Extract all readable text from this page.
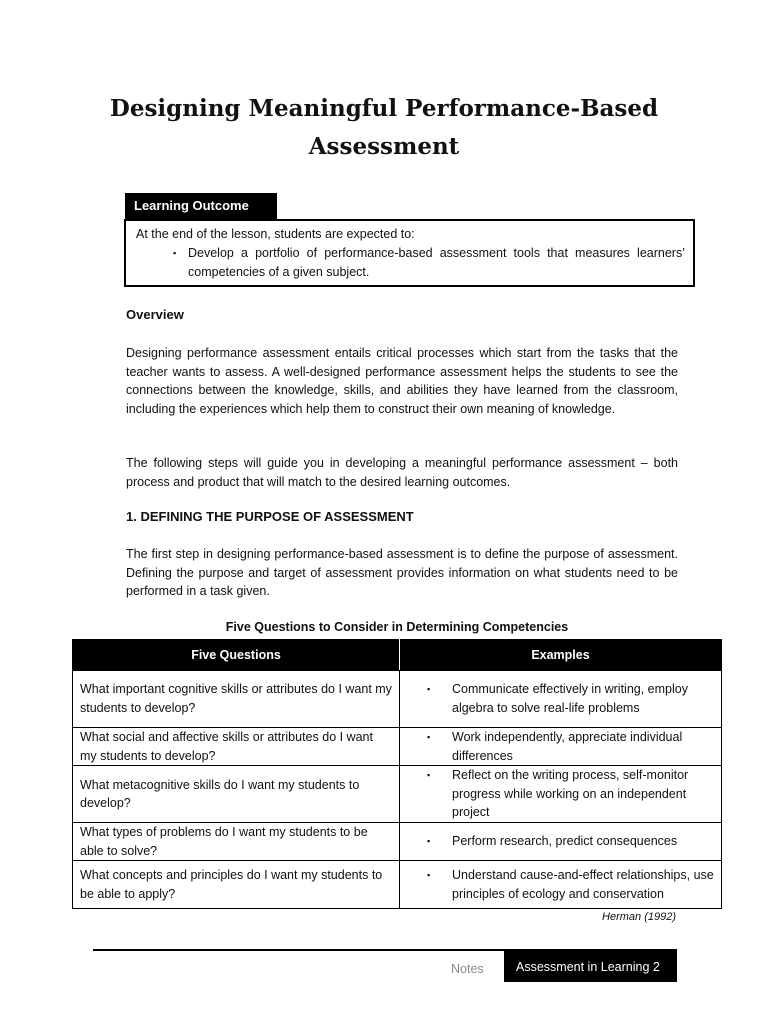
Designing Meaningful Performance-Based
Assessment
Learning Outcome
At the end of the lesson, students are expected to:
▪ Develop a portfolio of performance-based assessment tools that measures learners’ competencies of a given subject.
Overview
Designing performance assessment entails critical processes which start from the tasks that the teacher wants to assess. A well-designed performance assessment helps the students to see the connections between the knowledge, skills, and abilities they have learned from the classroom, including the experiences which help them to construct their own meaning of knowledge.
The following steps will guide you in developing a meaningful performance assessment – both process and product that will match to the desired learning outcomes.
1. DEFINING THE PURPOSE OF ASSESSMENT
The first step in designing performance-based assessment is to define the purpose of assessment. Defining the purpose and target of assessment provides information on what students need to be performed in a task given.
Five Questions to Consider in Determining Competencies
Five Questions	Examples
What important cognitive skills or attributes do I want my students to develop?	▪ Communicate effectively in writing, employ algebra to solve real-life problems

What social and affective skills or attributes do I want my students to develop?	▪ Work independently, appreciate individual differences

What metacognitive skills do I want my students to develop?	▪ Reflect on the writing process, self-monitor progress while working on an independent project

What types of problems do I want my students to be able to solve?	▪ Perform research, predict consequences

What concepts and principles do I want my students to be able to apply?	▪ Understand cause-and-effect relationships, use principles of ecology and conservation
Herman (1992)
Notes	Assessment in Learning 2
